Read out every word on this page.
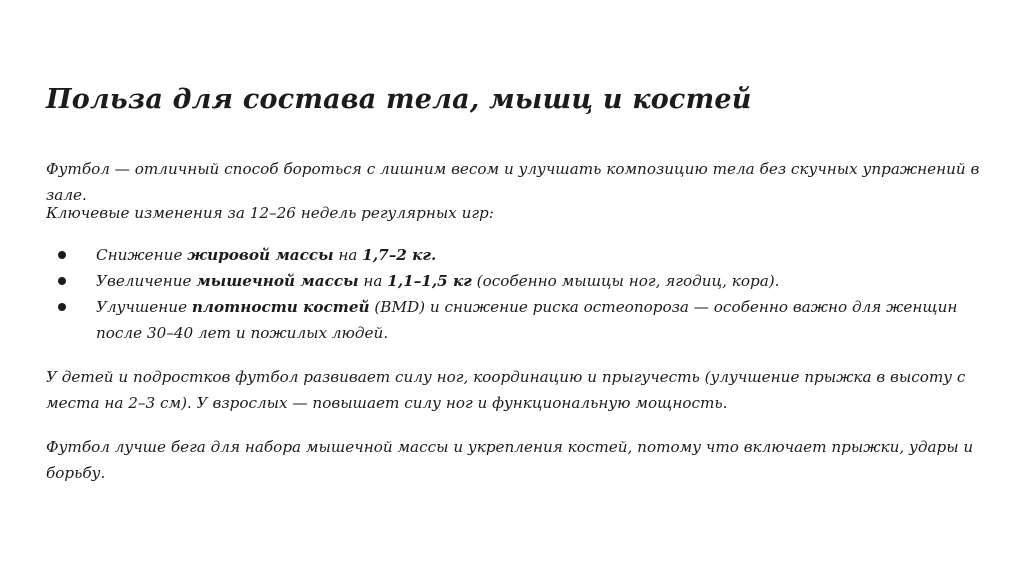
Польза для состава тела, мышц и костей

Футбол — отличный способ бороться с лишним весом и улучшать композицию тела без скучных упражнений в зале.

Ключевые изменения за 12–26 недель регулярных игр:

Снижение жировой массы на 1,7–2 кг.
Увеличение мышечной массы на 1,1–1,5 кг (особенно мышцы ног, ягодиц, кора).
Улучшение плотности костей (BMD) и снижение риска остеопороза — особенно важно для женщин после 30–40 лет и пожилых людей.

У детей и подростков футбол развивает силу ног, координацию и прыгучесть (улучшение прыжка в высоту с места на 2–3 см). У взрослых — повышает силу ног и функциональную мощность.

Футбол лучше бега для набора мышечной массы и укрепления костей, потому что включает прыжки, удары и борьбу.
